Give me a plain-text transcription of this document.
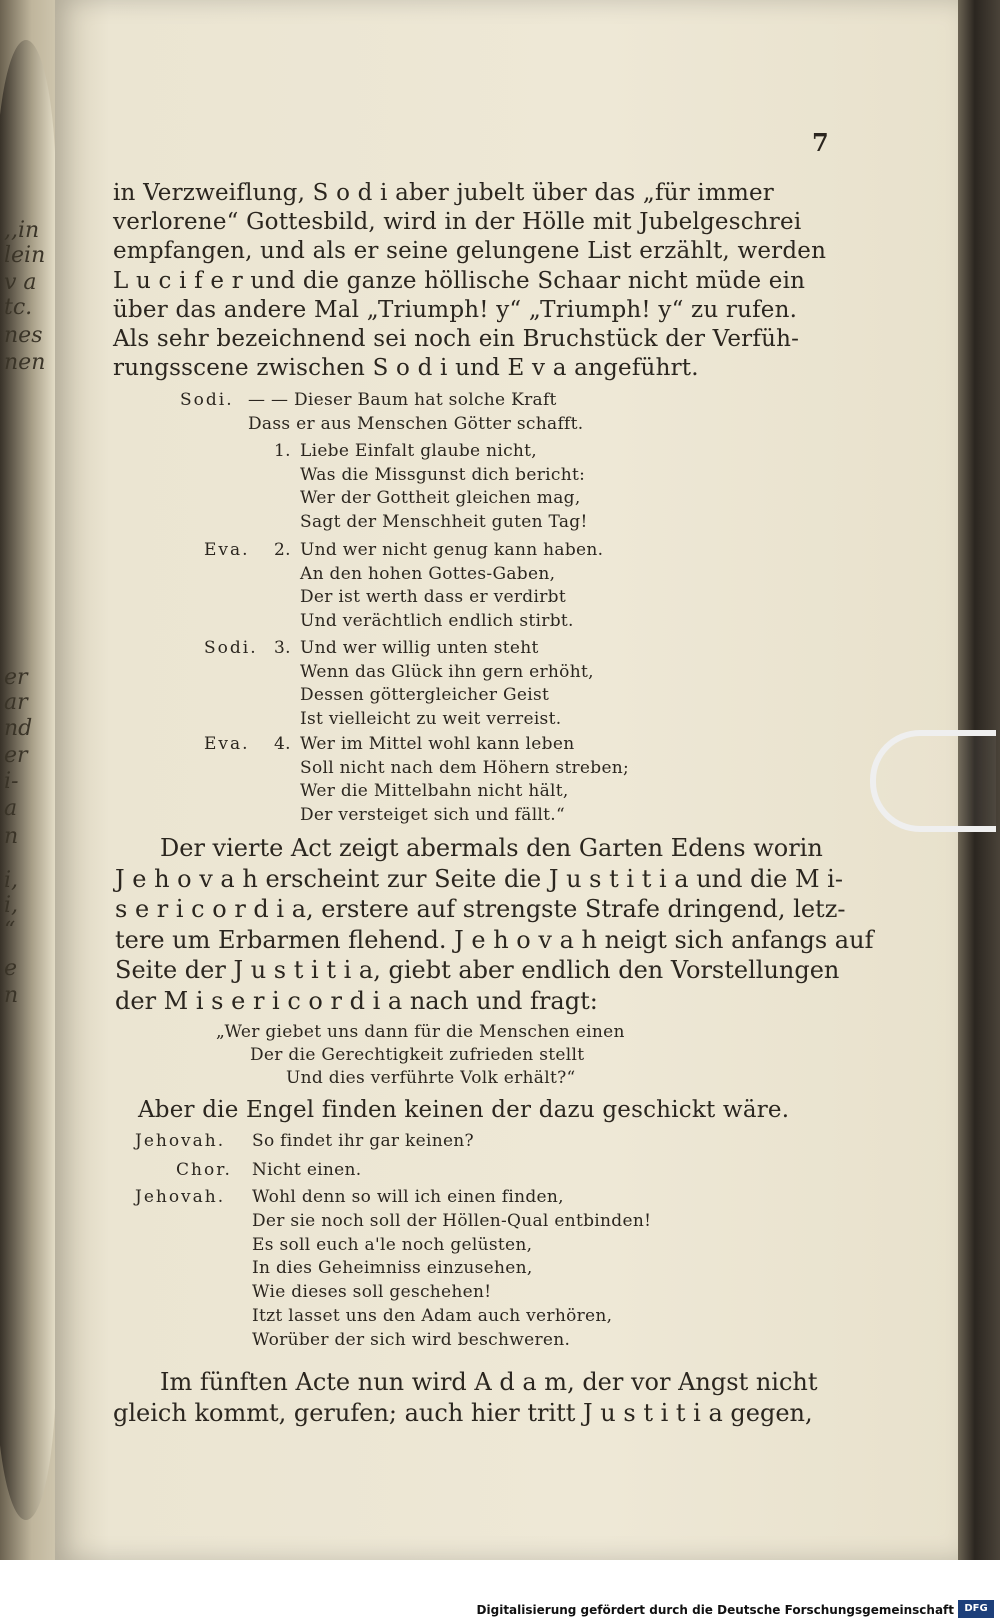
,,in
lein
v a
tc.
nes
nen
er
ar
nd
er
i-
a
n
i,
i,
“
e
n
7
in Verzweiflung, S o d i aber jubelt über das „für immer
verlorene“ Gottesbild, wird in der Hölle mit Jubelgeschrei
empfangen, und als er seine gelungene List erzählt, werden
L u c i f e r und die ganze höllische Schaar nicht müde ein
über das andere Mal „Triumph! y“ „Triumph! y“ zu rufen.
Als sehr bezeichnend sei noch ein Bruchstück der Verfüh-
rungsscene zwischen S o d i und E v a angeführt.
Sodi. — — Dieser Baum hat solche Kraft
Dass er aus Menschen Götter schafft.
1. Liebe Einfalt glaube nicht,
Was die Missgunst dich bericht:
Wer der Gottheit gleichen mag,
Sagt der Menschheit guten Tag!
Eva. 2. Und wer nicht genug kann haben.
An den hohen Gottes-Gaben,
Der ist werth dass er verdirbt
Und verächtlich endlich stirbt.
Sodi. 3. Und wer willig unten steht
Wenn das Glück ihn gern erhöht,
Dessen göttergleicher Geist
Ist vielleicht zu weit verreist.
Eva. 4. Wer im Mittel wohl kann leben
Soll nicht nach dem Höhern streben;
Wer die Mittelbahn nicht hält,
Der versteiget sich und fällt.“
Der vierte Act zeigt abermals den Garten Edens worin
J e h o v a h erscheint zur Seite die J u s t i t i a und die M i-
s e r i c o r d i a, erstere auf strengste Strafe dringend, letz-
tere um Erbarmen flehend. J e h o v a h neigt sich anfangs auf
Seite der J u s t i t i a, giebt aber endlich den Vorstellungen
der M i s e r i c o r d i a nach und fragt:
„Wer giebet uns dann für die Menschen einen
Der die Gerechtigkeit zufrieden stellt
Und dies verführte Volk erhält?“
Aber die Engel finden keinen der dazu geschickt wäre.
Jehovah. So findet ihr gar keinen?
Chor. Nicht einen.
Jehovah. Wohl denn so will ich einen finden,
Der sie noch soll der Höllen-Qual entbinden!
Es soll euch a'le noch gelüsten,
In dies Geheimniss einzusehen,
Wie dieses soll geschehen!
Itzt lasset uns den Adam auch verhören,
Worüber der sich wird beschweren.
Im fünften Acte nun wird A d a m, der vor Angst nicht
gleich kommt, gerufen; auch hier tritt J u s t i t i a gegen,
Digitalisierung gefördert durch die Deutsche Forschungsgemeinschaft	DFG
